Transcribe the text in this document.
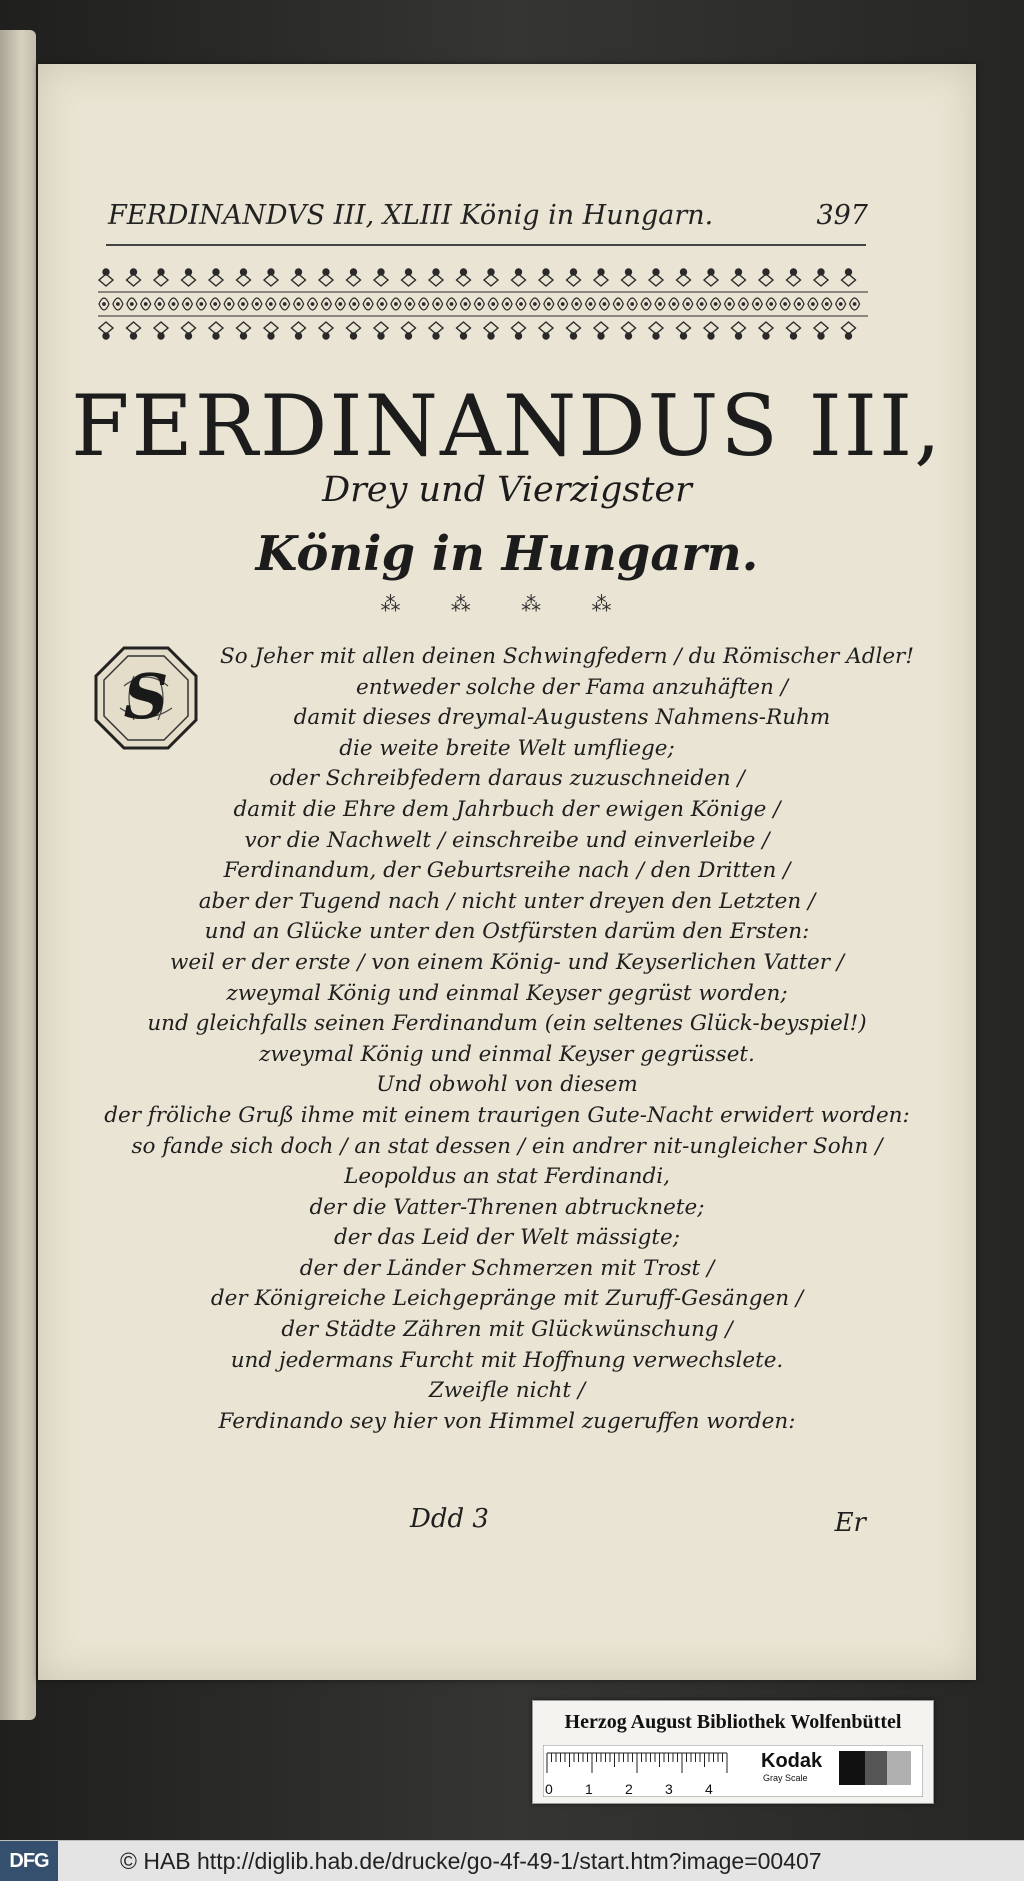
FERDINANDVS III, XLIII König in Hungarn.	397
FERDINANDUS III,
Drey und Vierzigster
König in Hungarn.
⁂ ⁂ ⁂ ⁂
S
So Jeher mit allen deinen Schwingfedern / du Römischer Adler!
entweder solche der Fama anzuhäften /
damit dieses dreymal-Augustens Nahmens-Ruhm
die weite breite Welt umfliege;
oder Schreibfedern daraus zuzuschneiden /
damit die Ehre dem Jahrbuch der ewigen Könige /
vor die Nachwelt / einschreibe und einverleibe /
Ferdinandum, der Geburtsreihe nach / den Dritten /
aber der Tugend nach / nicht unter dreyen den Letzten /
und an Glücke unter den Ostfürsten darüm den Ersten:
weil er der erste / von einem König- und Keyserlichen Vatter /
zweymal König und einmal Keyser gegrüst worden;
und gleichfalls seinen Ferdinandum (ein seltenes Glück-beyspiel!)
zweymal König und einmal Keyser gegrüsset.
Und obwohl von diesem
der fröliche Gruß ihme mit einem traurigen Gute-Nacht erwidert worden:
so fande sich doch / an stat dessen / ein andrer nit-ungleicher Sohn /
Leopoldus an stat Ferdinandi,
der die Vatter-Threnen abtrucknete;
der das Leid der Welt mässigte;
der der Länder Schmerzen mit Trost /
der Königreiche Leichgepränge mit Zuruff-Gesängen /
der Städte Zähren mit Glückwünschung /
und jedermans Furcht mit Hoffnung verwechslete.
Zweifle nicht /
Ferdinando sey hier von Himmel zugeruffen worden:
Ddd 3	Er
Herzog August Bibliothek Wolfenbüttel
0 1 2 3 4
Kodak
Gray Scale
DFG	© HAB http://diglib.hab.de/drucke/go-4f-49-1/start.htm?image=00407
